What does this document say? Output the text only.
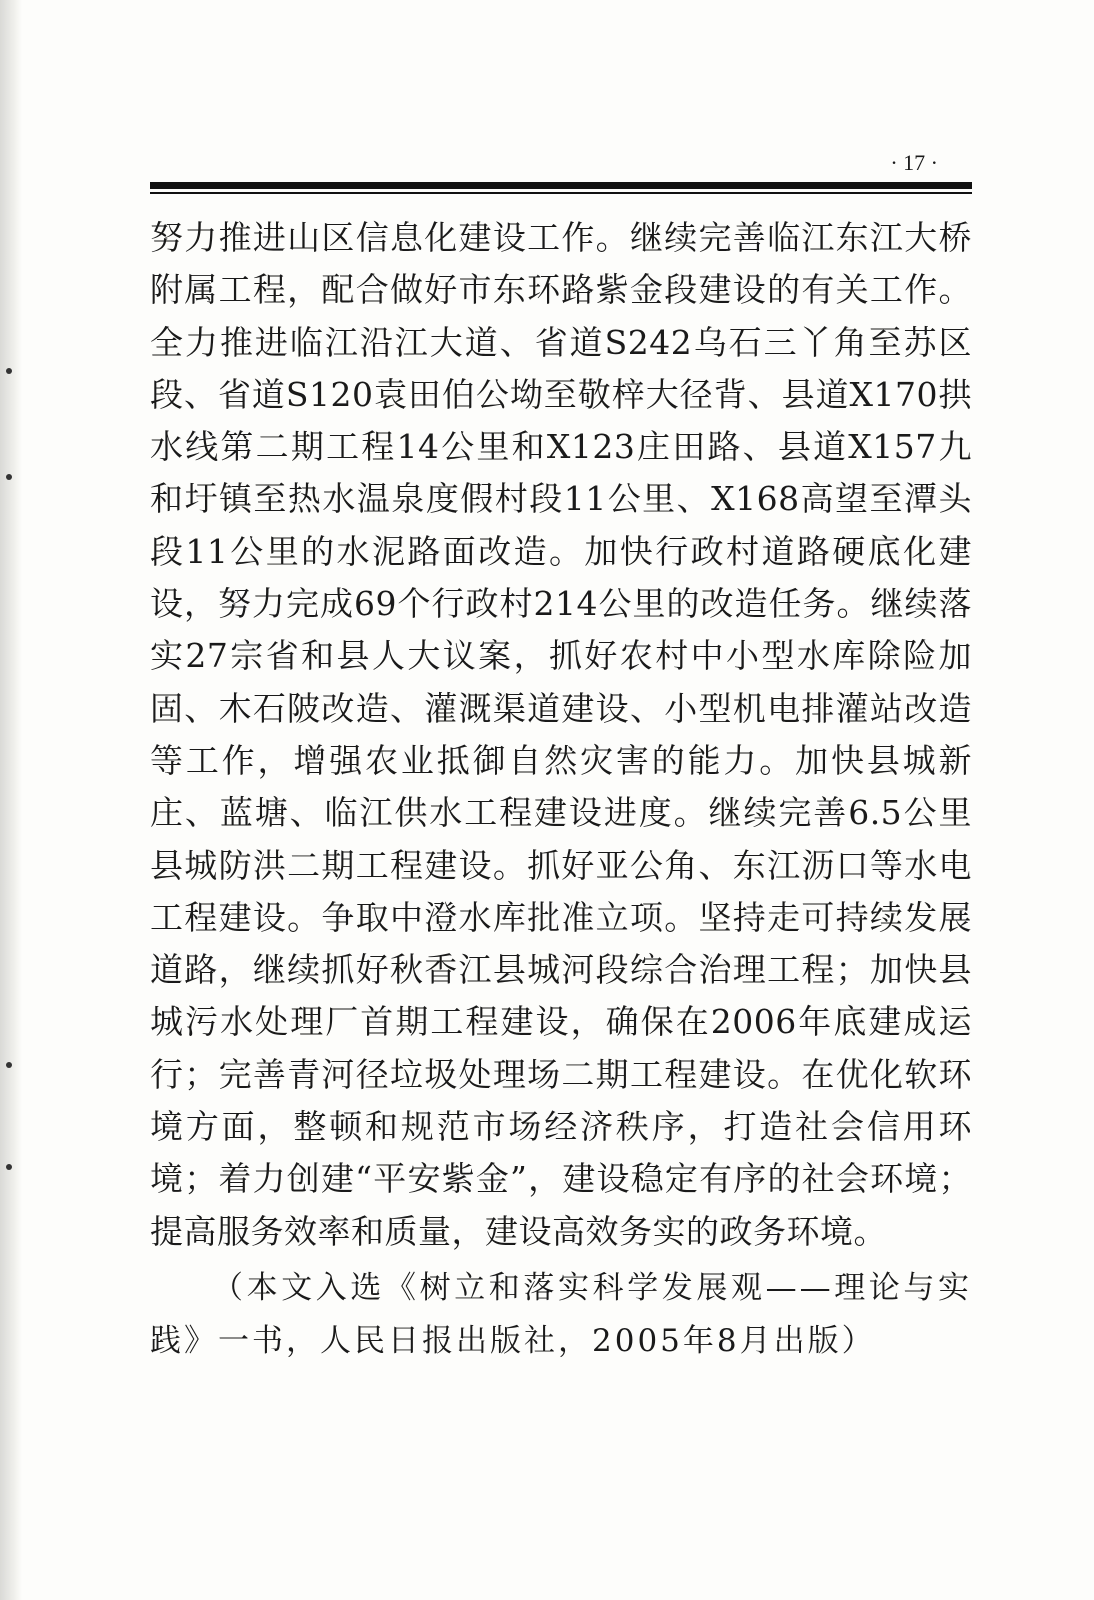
· 17 ·

努力推进山区信息化建设工作。继续完善临江东江大桥附属工程，配合做好市东环路紫金段建设的有关工作。全力推进临江沿江大道、省道S242乌石三丫角至苏区段、省道S120袁田伯公坳至敬梓大径背、县道X170拱水线第二期工程14公里和X123庄田路、县道X157九和圩镇至热水温泉度假村段11公里、X168高望至潭头段11公里的水泥路面改造。加快行政村道路硬底化建设，努力完成69个行政村214公里的改造任务。继续落实27宗省和县人大议案，抓好农村中小型水库除险加固、木石陂改造、灌溉渠道建设、小型机电排灌站改造等工作，增强农业抵御自然灾害的能力。加快县城新庄、蓝塘、临江供水工程建设进度。继续完善6.5公里县城防洪二期工程建设。抓好亚公角、东江沥口等水电工程建设。争取中澄水库批准立项。坚持走可持续发展道路，继续抓好秋香江县城河段综合治理工程；加快县城污水处理厂首期工程建设，确保在2006年底建成运行；完善青河径垃圾处理场二期工程建设。在优化软环境方面，整顿和规范市场经济秩序，打造社会信用环境；着力创建“平安紫金”，建设稳定有序的社会环境；提高服务效率和质量，建设高效务实的政务环境。

（本文入选《树立和落实科学发展观——理论与实践》一书，人民日报出版社，2005年8月出版）
